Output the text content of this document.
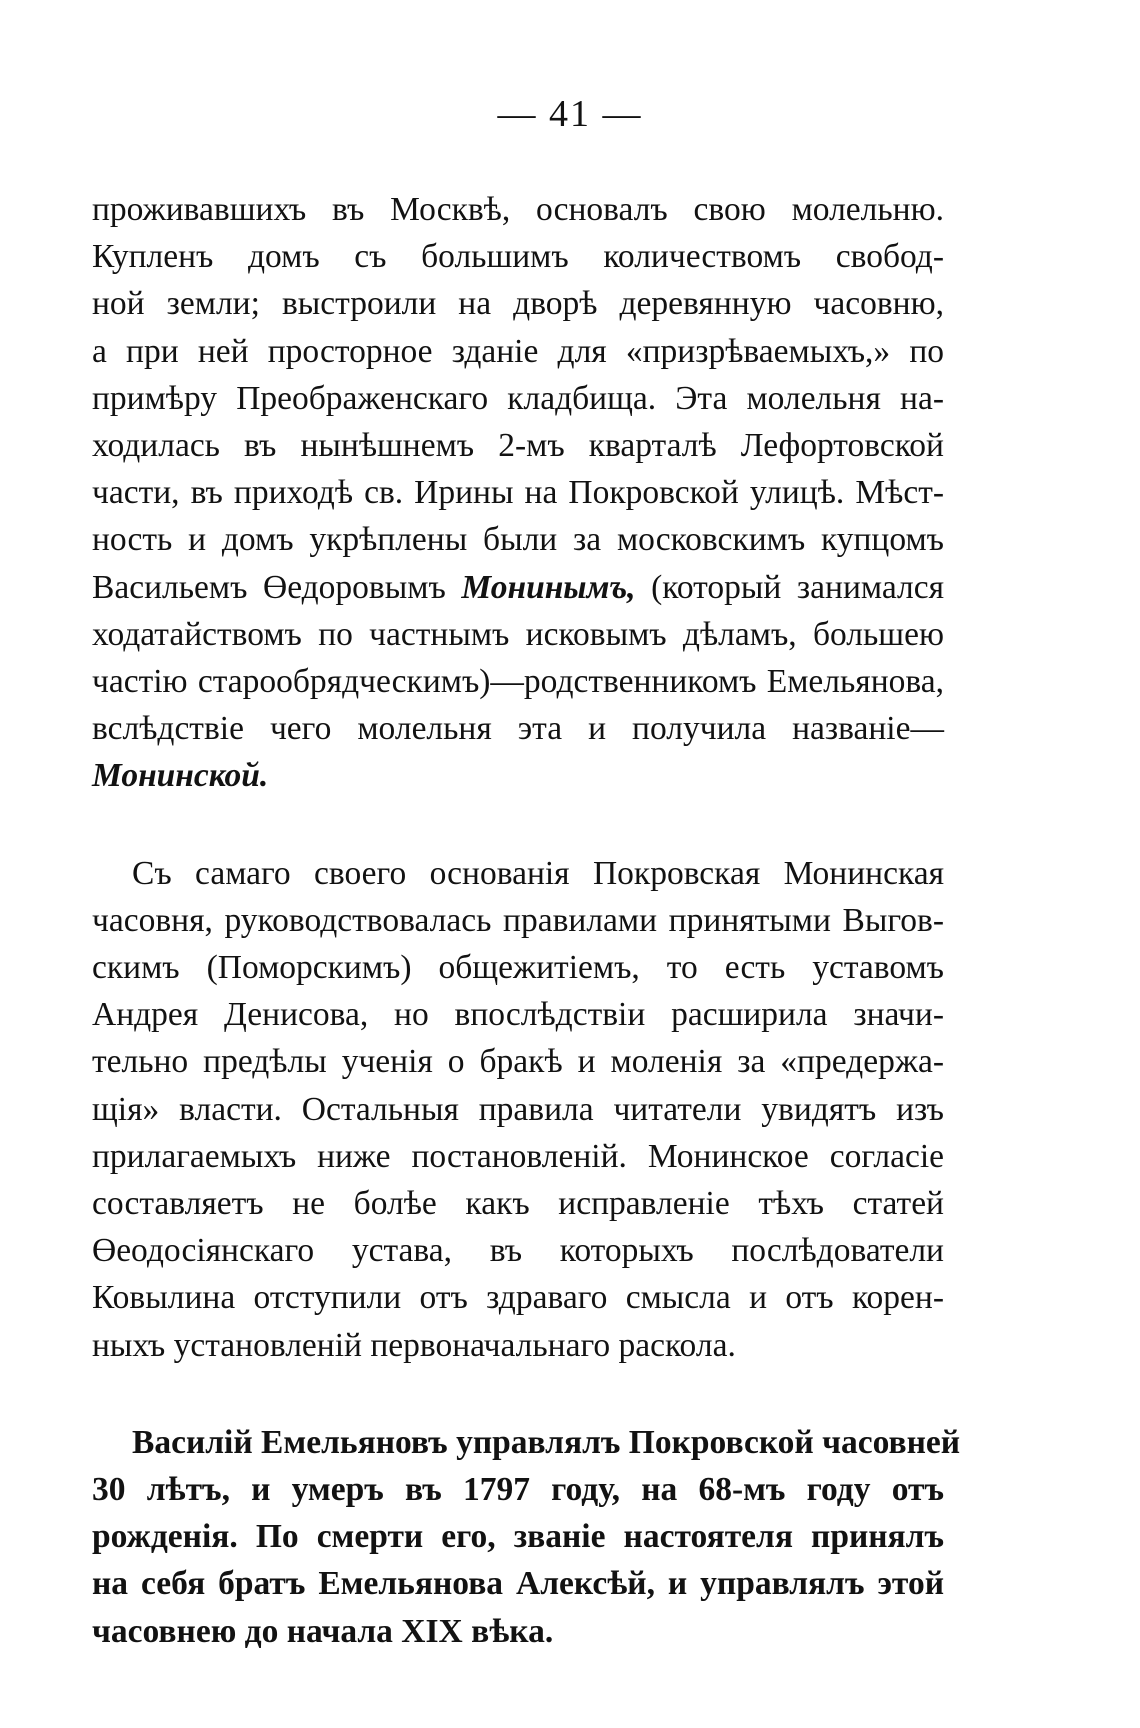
— 41 —

проживавшихъ въ Москвѣ, основалъ свою молельню.
Купленъ домъ съ большимъ количествомъ свобод-
ной земли; выстроили на дворѣ деревянную часовню,
а при ней просторное зданіе для «призрѣваемыхъ,» по
примѣру Преображенскаго кладбища. Эта молельня на-
ходилась въ нынѣшнемъ 2-мъ кварталѣ Лефортовской
части, въ приходѣ св. Ирины на Покровской улицѣ. Мѣст-
ность и домъ укрѣплены были за московскимъ купцомъ
Васильемъ Өедоровымъ Монинымъ, (который занимался
ходатайствомъ по частнымъ исковымъ дѣламъ, большею
частію старообрядческимъ)—родственникомъ Емельянова,
вслѣдствіе чего молельня эта и получила названіе—
Монинской.

Съ самаго своего основанія Покровская Монинская
часовня, руководствовалась правилами принятыми Выгов-
скимъ (Поморскимъ) общежитіемъ, то есть уставомъ
Андрея Денисова, но впослѣдствіи расширила значи-
тельно предѣлы ученія о бракѣ и моленія за «предержа-
щія» власти. Остальныя правила читатели увидятъ изъ
прилагаемыхъ ниже постановленій. Монинское согласіе
составляетъ не болѣе какъ исправленіе тѣхъ статей
Өеодосіянскаго устава, въ которыхъ послѣдователи
Ковылина отступили отъ здраваго смысла и отъ корен-
ныхъ установленій первоначальнаго раскола.

Василій Емельяновъ управлялъ Покровской часовней
30 лѣтъ, и умеръ въ 1797 году, на 68-мъ году отъ
рожденія. По смерти его, званіе настоятеля принялъ
на себя братъ Емельянова Алексѣй, и управлялъ этой
часовнею до начала XIX вѣка.
